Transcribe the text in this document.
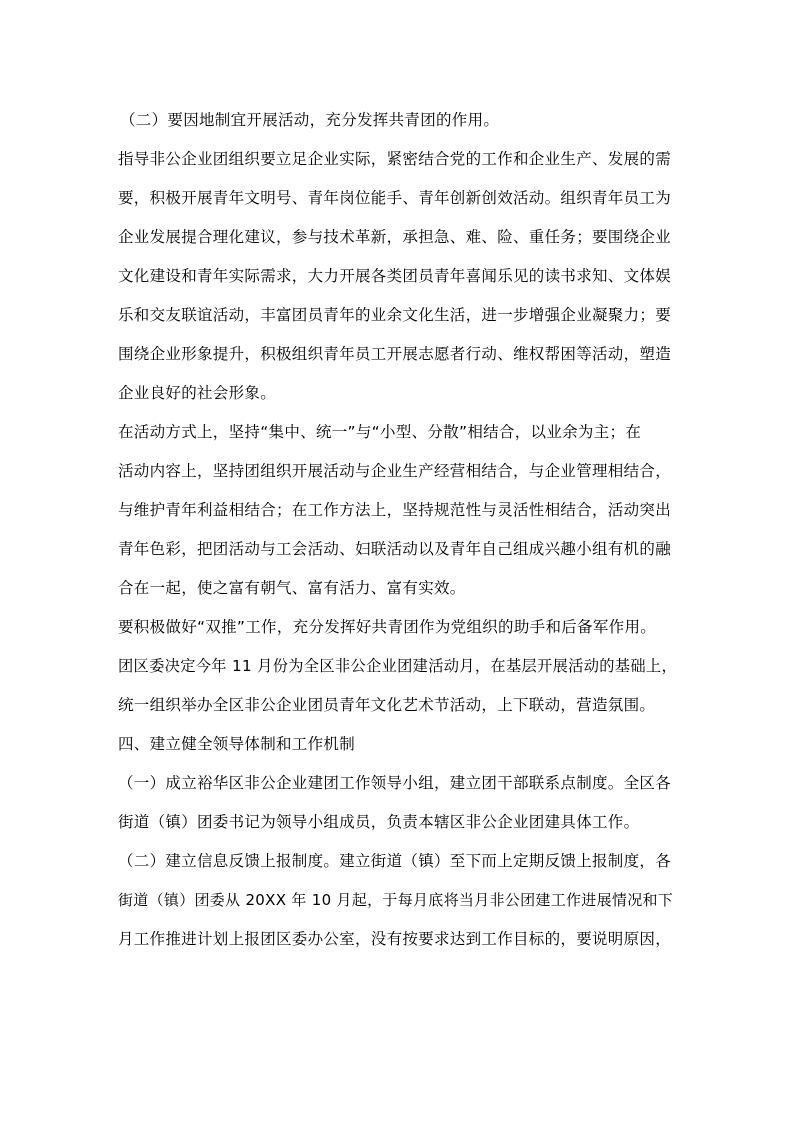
（二）要因地制宜开展活动，充分发挥共青团的作用。
指导非公企业团组织要立足企业实际，紧密结合党的工作和企业生产、发展的需
要，积极开展青年文明号、青年岗位能手、青年创新创效活动。组织青年员工为
企业发展提合理化建议，参与技术革新，承担急、难、险、重任务；要围绕企业
文化建设和青年实际需求，大力开展各类团员青年喜闻乐见的读书求知、文体娱
乐和交友联谊活动，丰富团员青年的业余文化生活，进一步增强企业凝聚力；要
围绕企业形象提升，积极组织青年员工开展志愿者行动、维权帮困等活动，塑造
企业良好的社会形象。
在活动方式上，坚持“集中、统一”与“小型、分散”相结合，以业余为主；在
活动内容上，坚持团组织开展活动与企业生产经营相结合，与企业管理相结合，
与维护青年利益相结合；在工作方法上，坚持规范性与灵活性相结合，活动突出
青年色彩，把团活动与工会活动、妇联活动以及青年自己组成兴趣小组有机的融
合在一起，使之富有朝气、富有活力、富有实效。
要积极做好“双推”工作，充分发挥好共青团作为党组织的助手和后备军作用。
团区委决定今年 11 月份为全区非公企业团建活动月，在基层开展活动的基础上，
统一组织举办全区非公企业团员青年文化艺术节活动，上下联动，营造氛围。
四、建立健全领导体制和工作机制
（一）成立裕华区非公企业建团工作领导小组，建立团干部联系点制度。全区各
街道（镇）团委书记为领导小组成员，负责本辖区非公企业团建具体工作。
（二）建立信息反馈上报制度。建立街道（镇）至下而上定期反馈上报制度，各
街道（镇）团委从 20XX 年 10 月起，于每月底将当月非公团建工作进展情况和下
月工作推进计划上报团区委办公室，没有按要求达到工作目标的，要说明原因，
